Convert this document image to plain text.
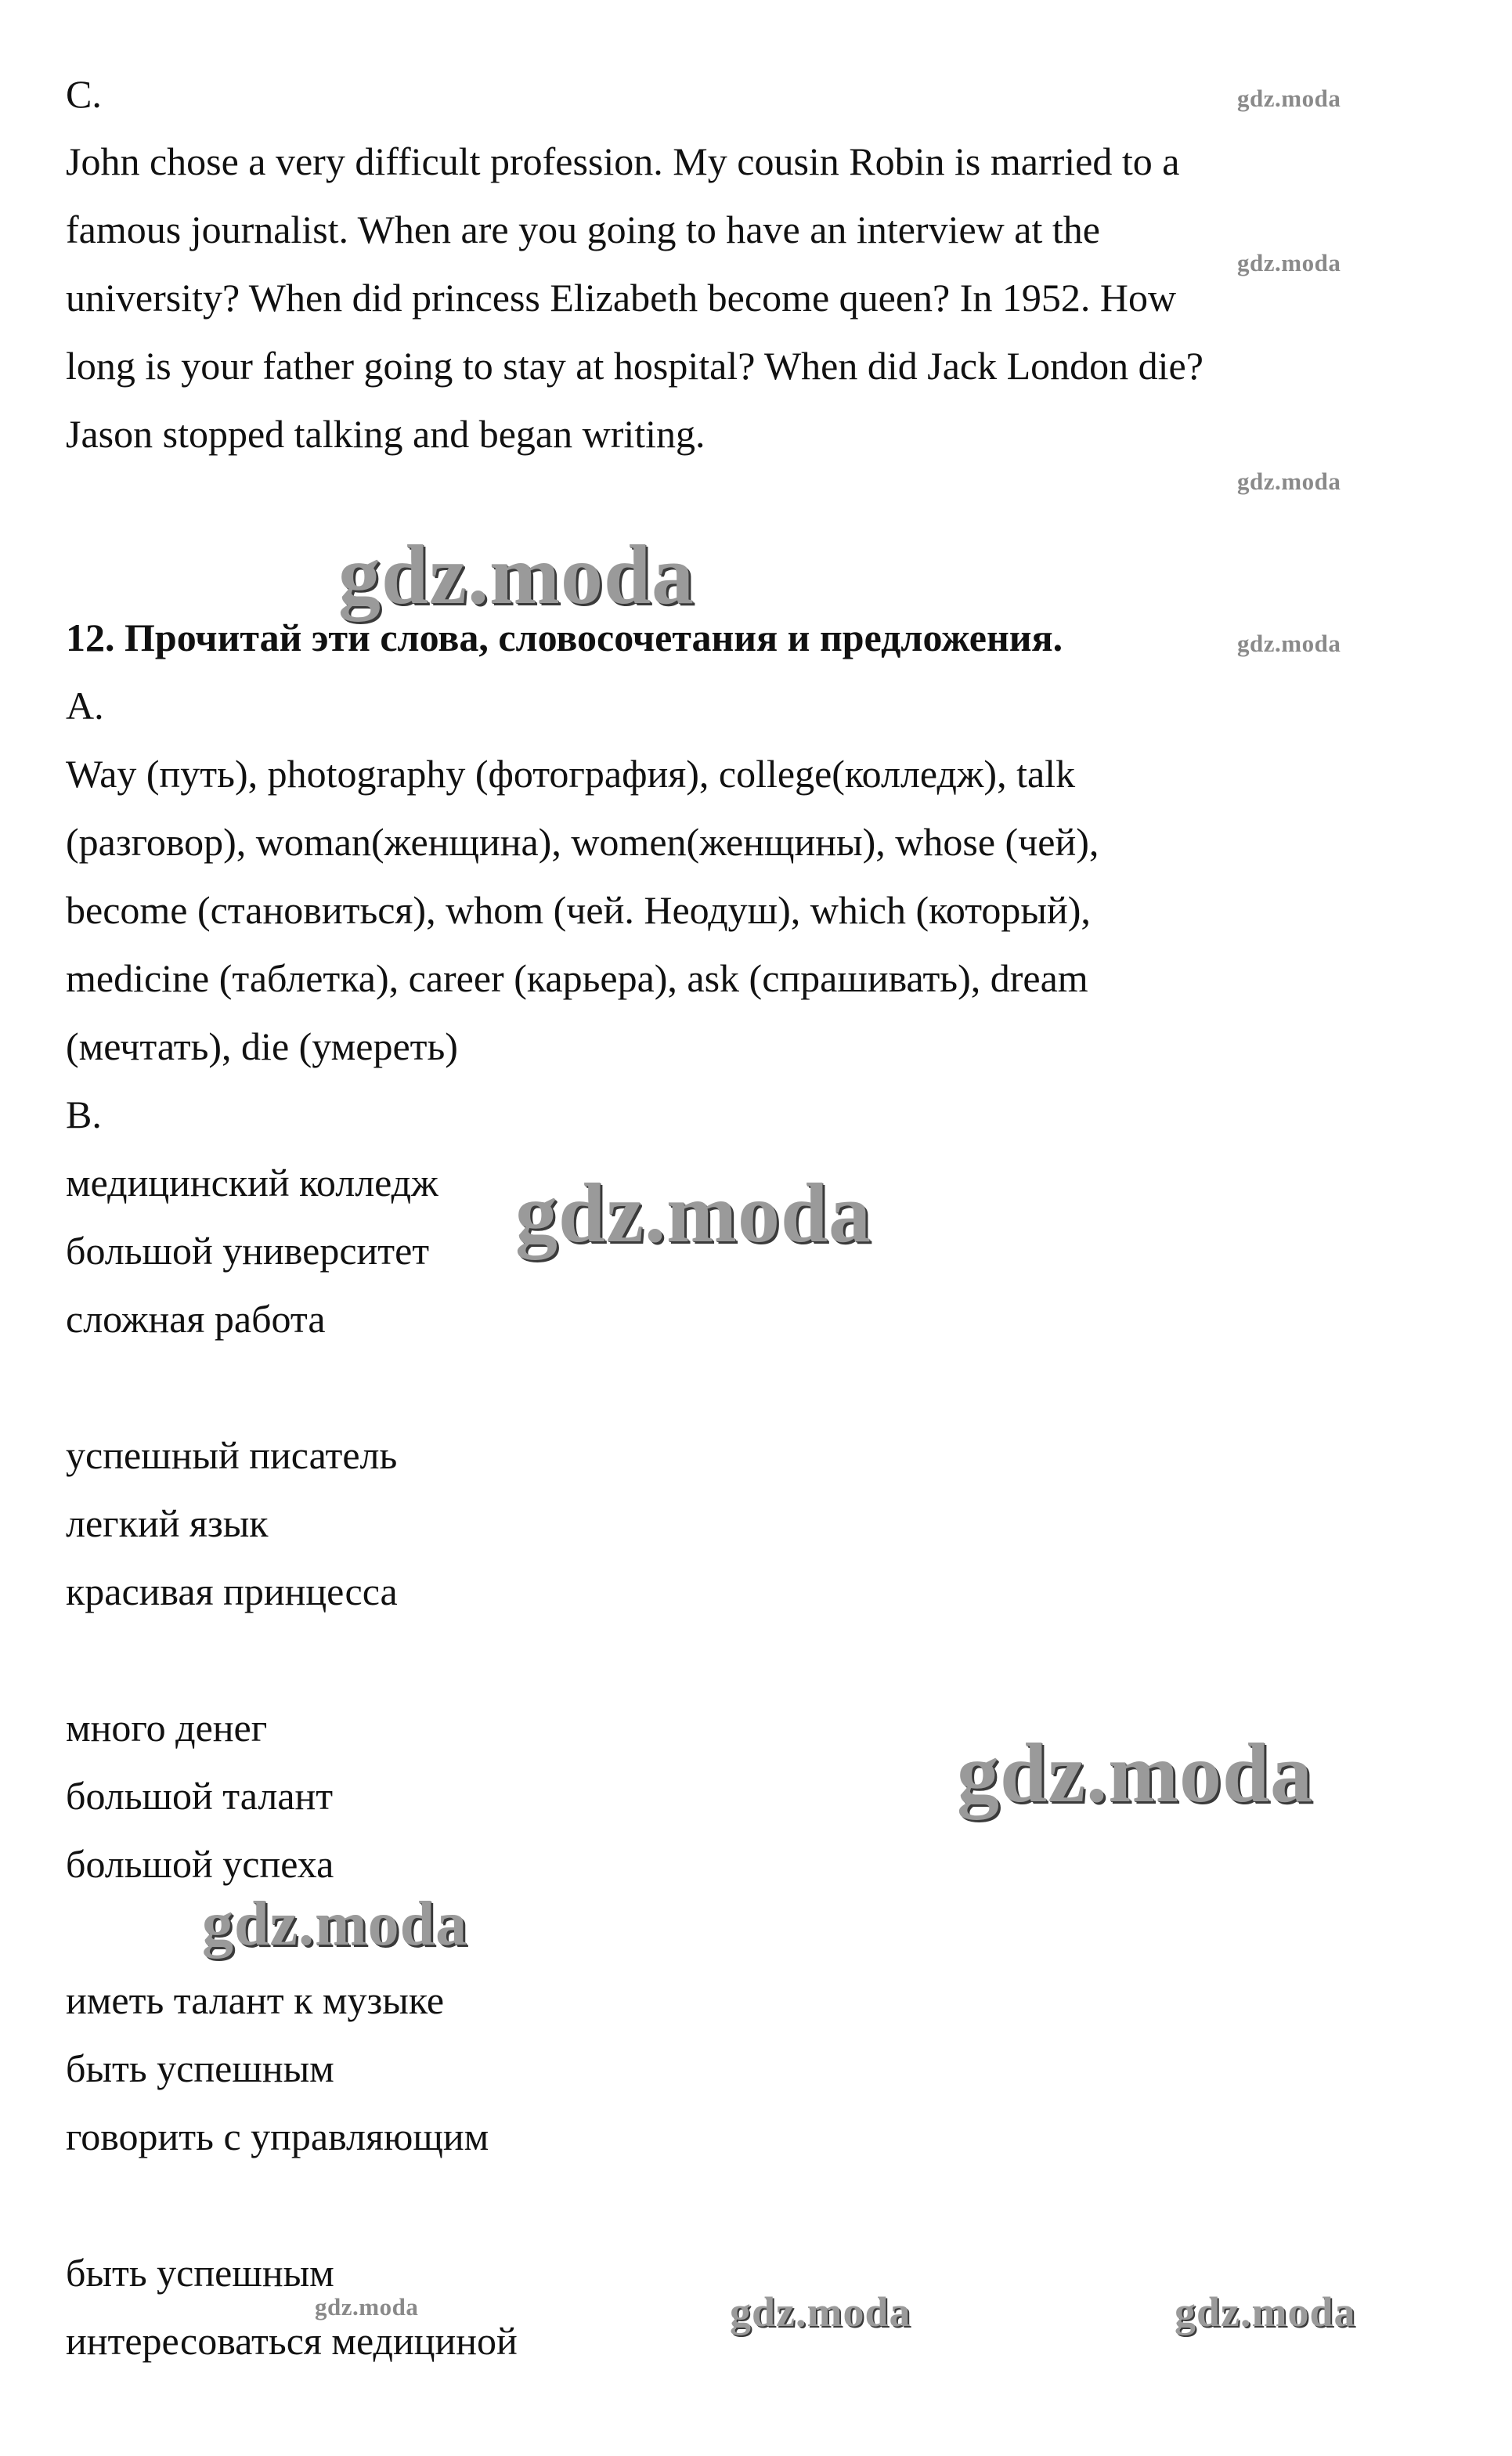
C.
John chose a very difficult profession. My cousin Robin is married to a
famous journalist. When are you going to have an interview at the
university? When did princess Elizabeth become queen? In 1952. How
long is your father going to stay at hospital? When did Jack London die?
Jason stopped talking and began writing.
12. Прочитай эти слова, словосочетания и предложения.
A.
Way (путь), photography (фотография), college(колледж), talk
(разговор), woman(женщина), women(женщины), whose (чей),
become (становиться), whom (чей. Неодуш), which (который),
medicine (таблетка), career (карьера), ask (спрашивать), dream
(мечтать), die (умереть)
B.
медицинский колледж
большой университет
сложная работа
успешный писатель
легкий язык
красивая принцесса
много денег
большой талант
большой успеха
иметь талант к музыке
быть успешным
говорить с управляющим
быть успешным
интересоваться медициной
gdz.moda
gdz.moda
gdz.moda
gdz.moda
gdz.moda
gdz.moda
gdz.moda
gdz.moda
gdz.moda	gdz.moda	gdz.moda
